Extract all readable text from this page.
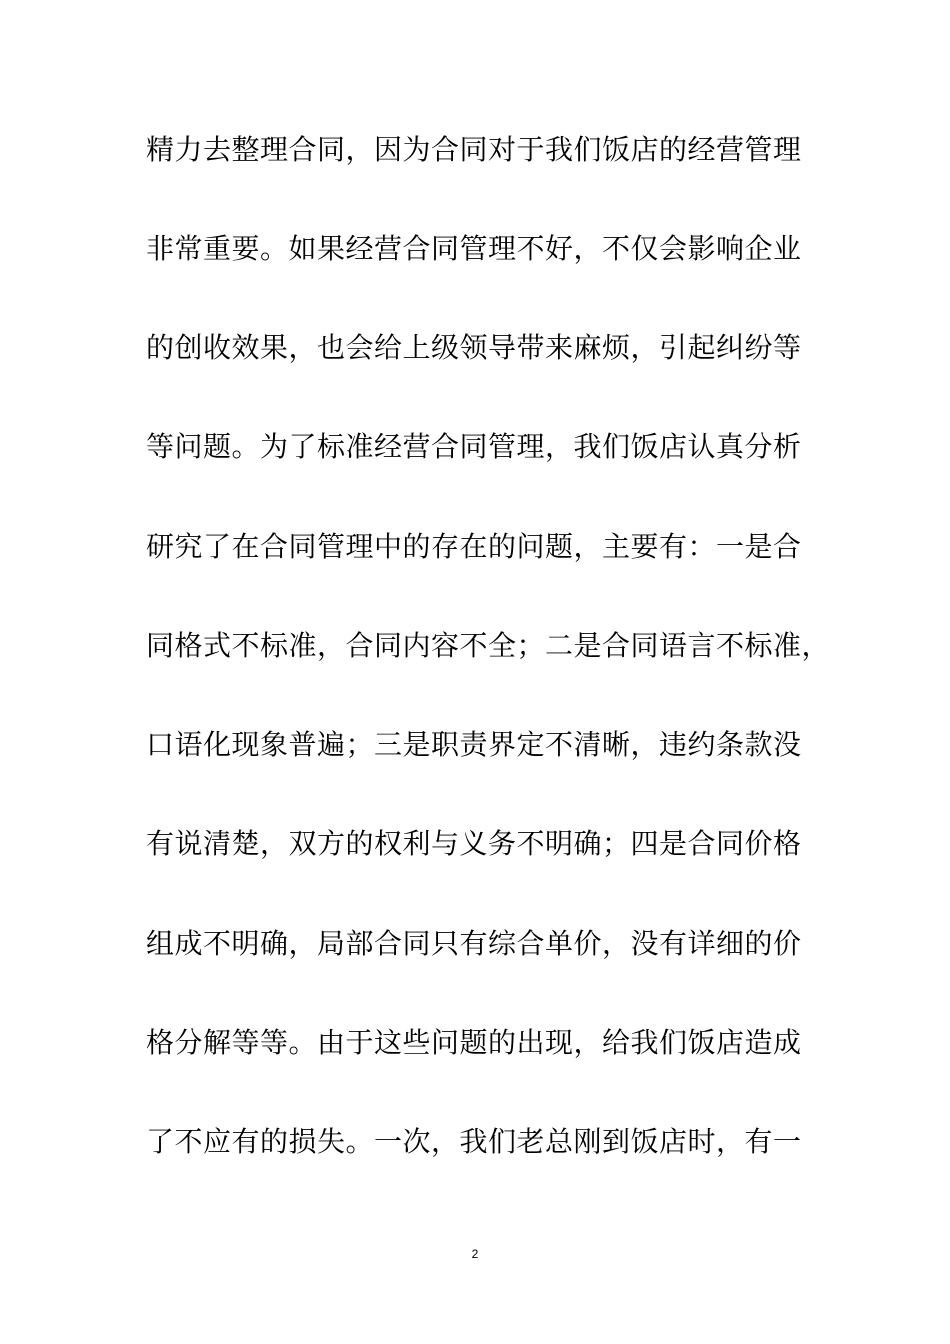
精力去整理合同，因为合同对于我们饭店的经营管理
非常重要。如果经营合同管理不好，不仅会影响企业
的创收效果，也会给上级领导带来麻烦，引起纠纷等
等问题。为了标准经营合同管理，我们饭店认真分析
研究了在合同管理中的存在的问题，主要有：一是合
同格式不标准，合同内容不全；二是合同语言不标准，
口语化现象普遍；三是职责界定不清晰，违约条款没
有说清楚，双方的权利与义务不明确；四是合同价格
组成不明确，局部合同只有综合单价，没有详细的价
格分解等等。由于这些问题的出现，给我们饭店造成
了不应有的损失。一次，我们老总刚到饭店时，有一
2
